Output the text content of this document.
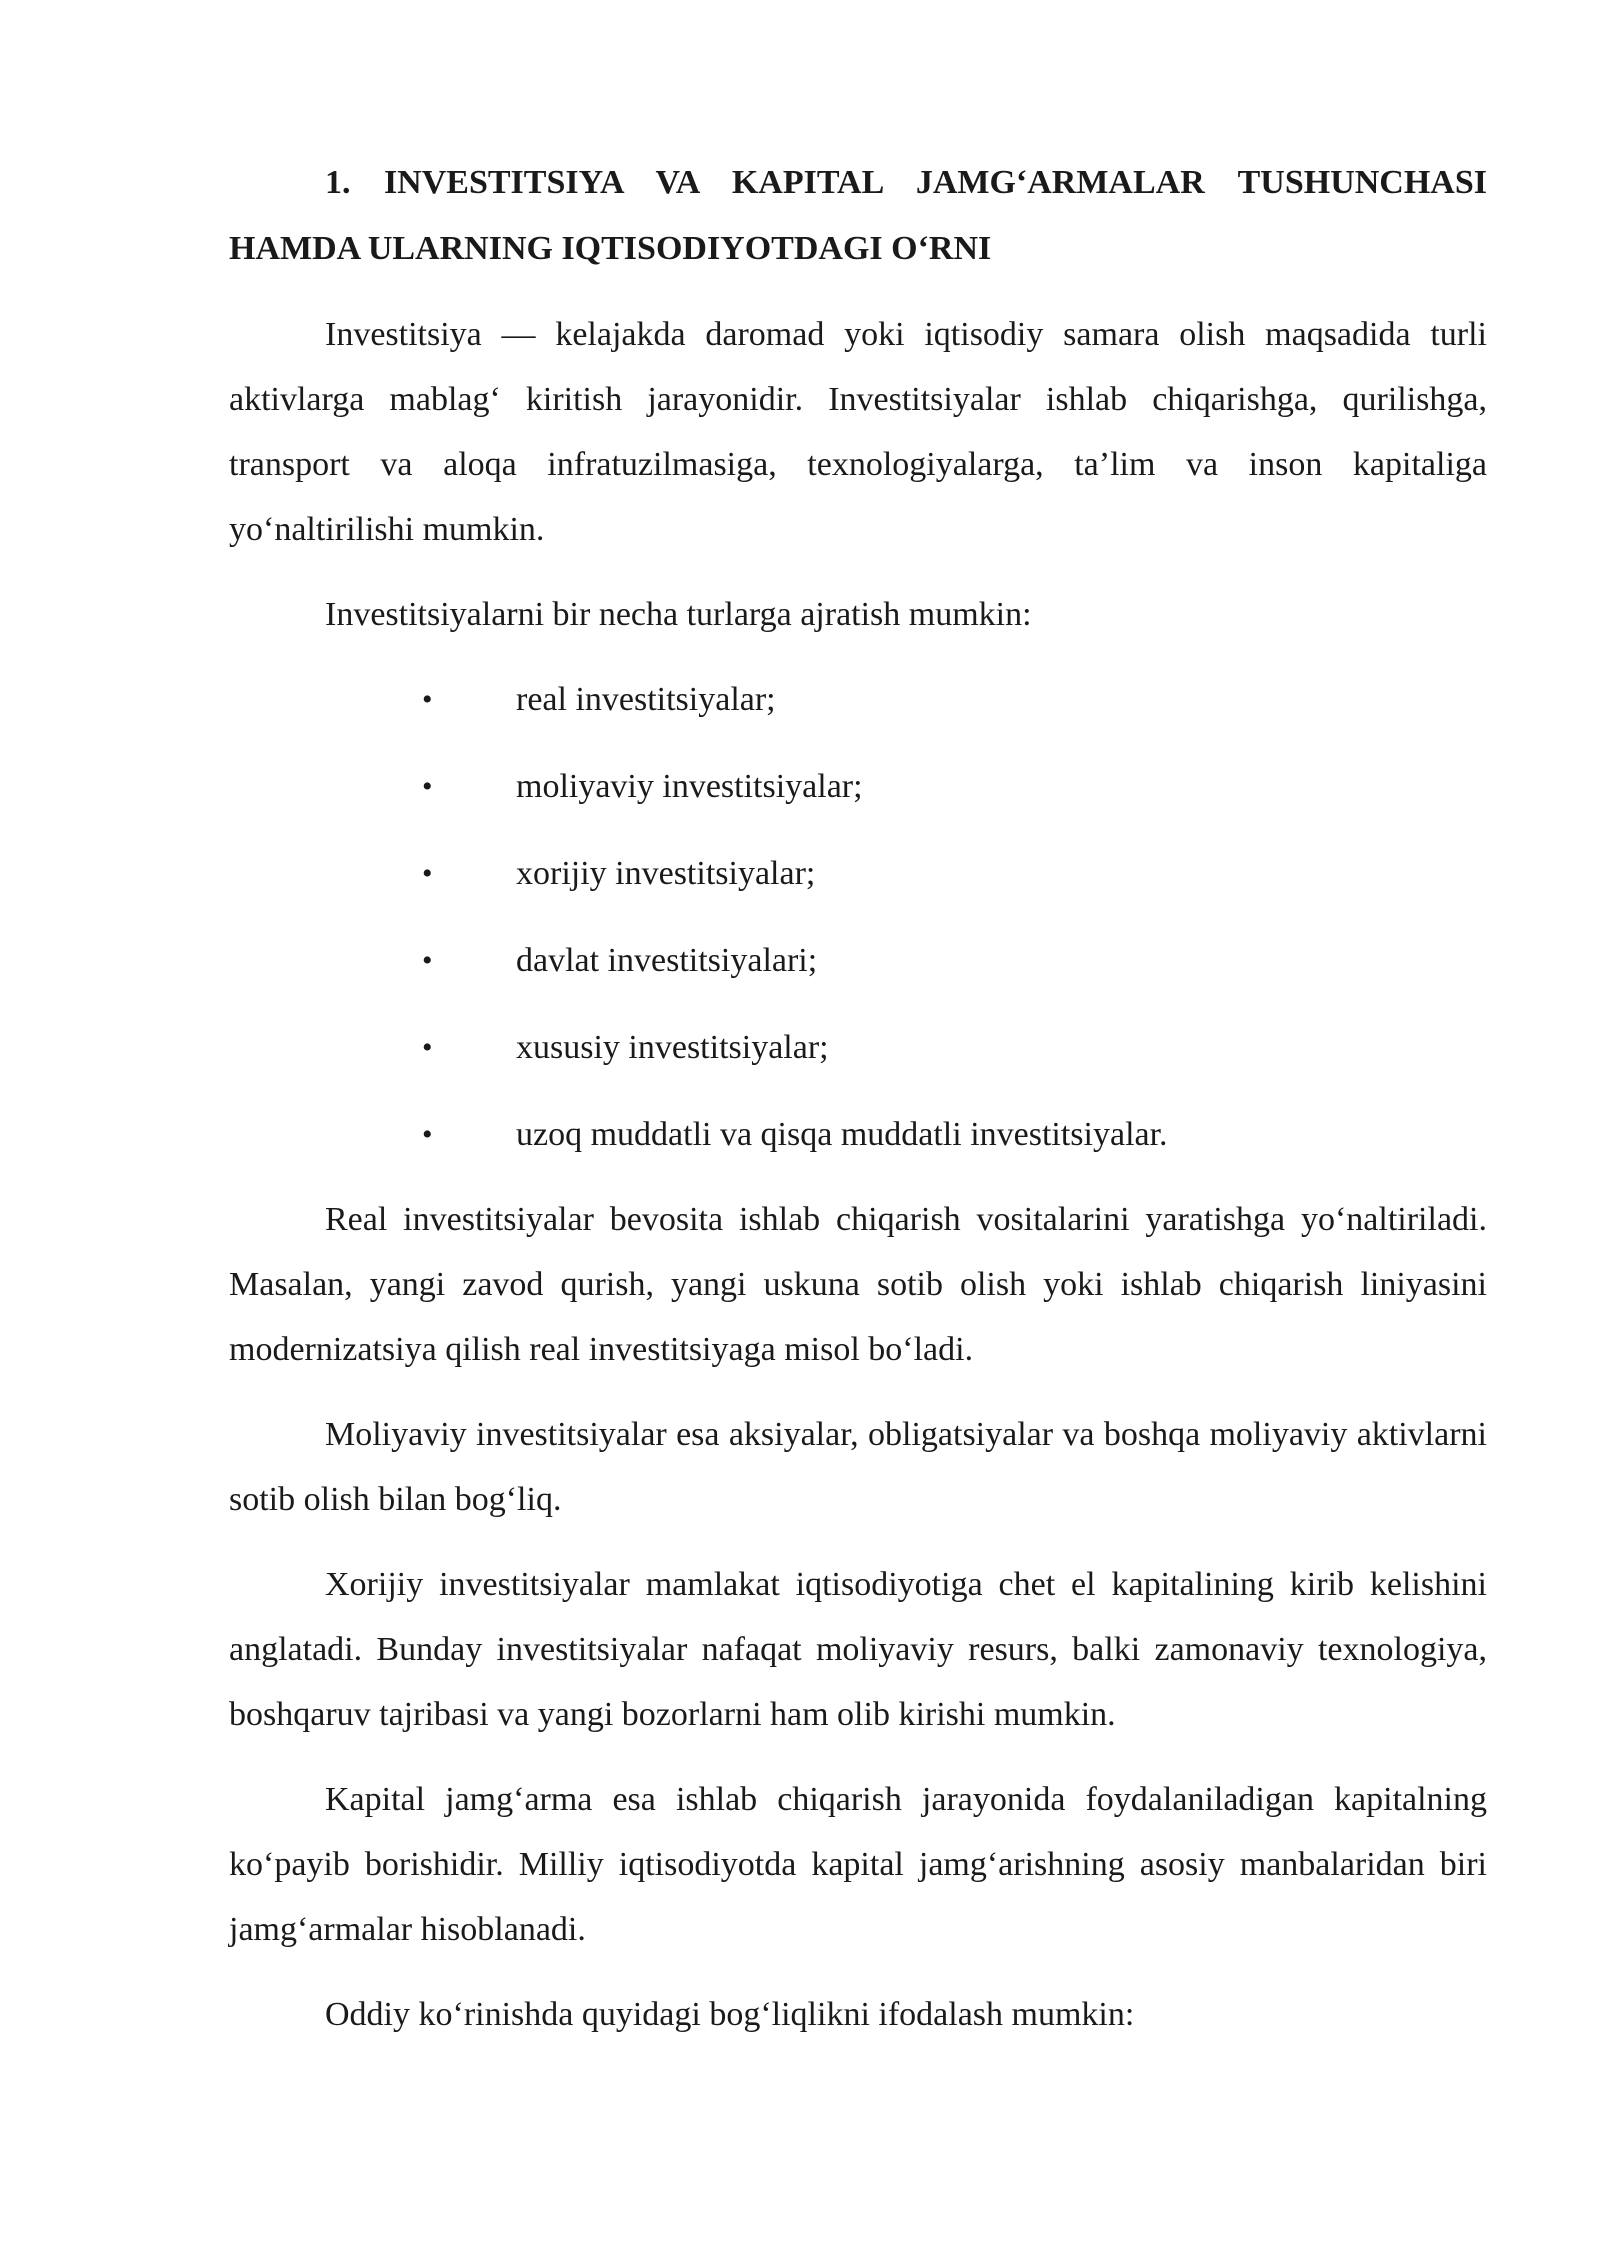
1. INVESTITSIYA VA KAPITAL JAMG‘ARMALAR TUSHUNCHASI HAMDA ULARNING IQTISODIYOTDAGI O‘RNI

Investitsiya — kelajakda daromad yoki iqtisodiy samara olish maqsadida turli aktivlarga mablag‘ kiritish jarayonidir. Investitsiyalar ishlab chiqarishga, qurilishga, transport va aloqa infratuzilmasiga, texnologiyalarga, ta’lim va inson kapitaliga yo‘naltirilishi mumkin.

Investitsiyalarni bir necha turlarga ajratish mumkin:

• real investitsiyalar;
• moliyaviy investitsiyalar;
• xorijiy investitsiyalar;
• davlat investitsiyalari;
• xususiy investitsiyalar;
• uzoq muddatli va qisqa muddatli investitsiyalar.

Real investitsiyalar bevosita ishlab chiqarish vositalarini yaratishga yo‘naltiriladi. Masalan, yangi zavod qurish, yangi uskuna sotib olish yoki ishlab chiqarish liniyasini modernizatsiya qilish real investitsiyaga misol bo‘ladi.

Moliyaviy investitsiyalar esa aksiyalar, obligatsiyalar va boshqa moliyaviy aktivlarni sotib olish bilan bog‘liq.

Xorijiy investitsiyalar mamlakat iqtisodiyotiga chet el kapitalining kirib kelishini anglatadi. Bunday investitsiyalar nafaqat moliyaviy resurs, balki zamonaviy texnologiya, boshqaruv tajribasi va yangi bozorlarni ham olib kirishi mumkin.

Kapital jamg‘arma esa ishlab chiqarish jarayonida foydalaniladigan kapitalning ko‘payib borishidir. Milliy iqtisodiyotda kapital jamg‘arishning asosiy manbalaridan biri jamg‘armalar hisoblanadi.

Oddiy ko‘rinishda quyidagi bog‘liqlikni ifodalash mumkin:
